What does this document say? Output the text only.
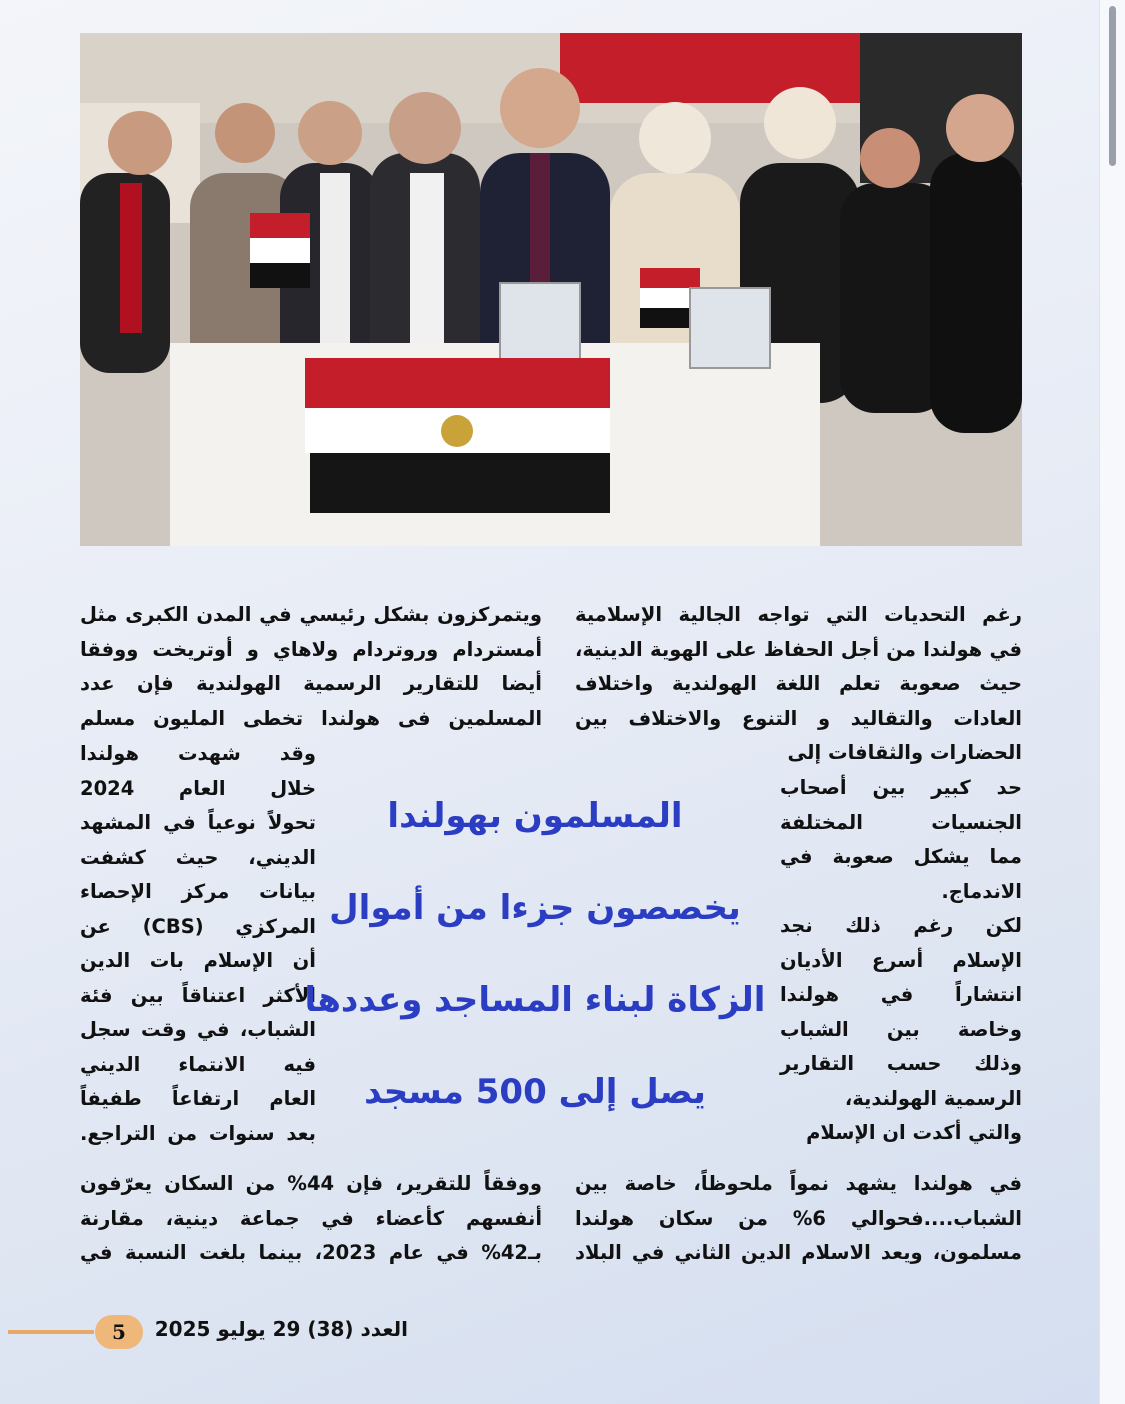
رغم التحديات التي تواجه الجالية الإسلامية
في هولندا من أجل الحفاظ على الهوية الدينية،
حيث صعوبة تعلم اللغة الهولندية واختلاف
العادات والتقاليد و التنوع والاختلاف بين
الحضارات والثقافات إلى
حد كبير بين أصحاب
الجنسيات المختلفة
مما يشكل صعوبة في
الاندماج.
لكن رغم ذلك نجد
الإسلام أسرع الأديان
انتشاراً في هولندا
وخاصة بين الشباب
وذلك حسب التقارير
الرسمية الهولندية،
والتي أكدت ان الإسلام
في هولندا يشهد نمواً ملحوظاً، خاصة بين
الشباب....فحوالي 6% من سكان هولندا
مسلمون، ويعد الاسلام الدين الثاني في البلاد
ويتمركزون بشكل رئيسي في المدن الكبرى مثل
أمستردام وروتردام ولاهاي و أوتريخت ووفقا
أيضا للتقارير الرسمية الهولندية فإن عدد
المسلمين فى هولندا تخطى المليون مسلم
وقد شهدت هولندا
خلال العام 2024
تحولاً نوعياً في المشهد
الديني، حيث كشفت
بيانات مركز الإحصاء
المركزي (CBS) عن
أن الإسلام بات الدين
الأكثر اعتناقاً بين فئة
الشباب، في وقت سجل
فيه الانتماء الديني
العام ارتفاعاً طفيفاً
بعد سنوات من التراجع.
ووفقاً للتقرير، فإن 44% من السكان يعرّفون
أنفسهم كأعضاء في جماعة دينية، مقارنة
بـ42% في عام 2023، بينما بلغت النسبة في
المسلمون بهولندا
يخصصون جزءا من أموال
الزكاة لبناء المساجد وعددها
يصل إلى 500 مسجد
5	العدد (38) 29 يوليو 2025
